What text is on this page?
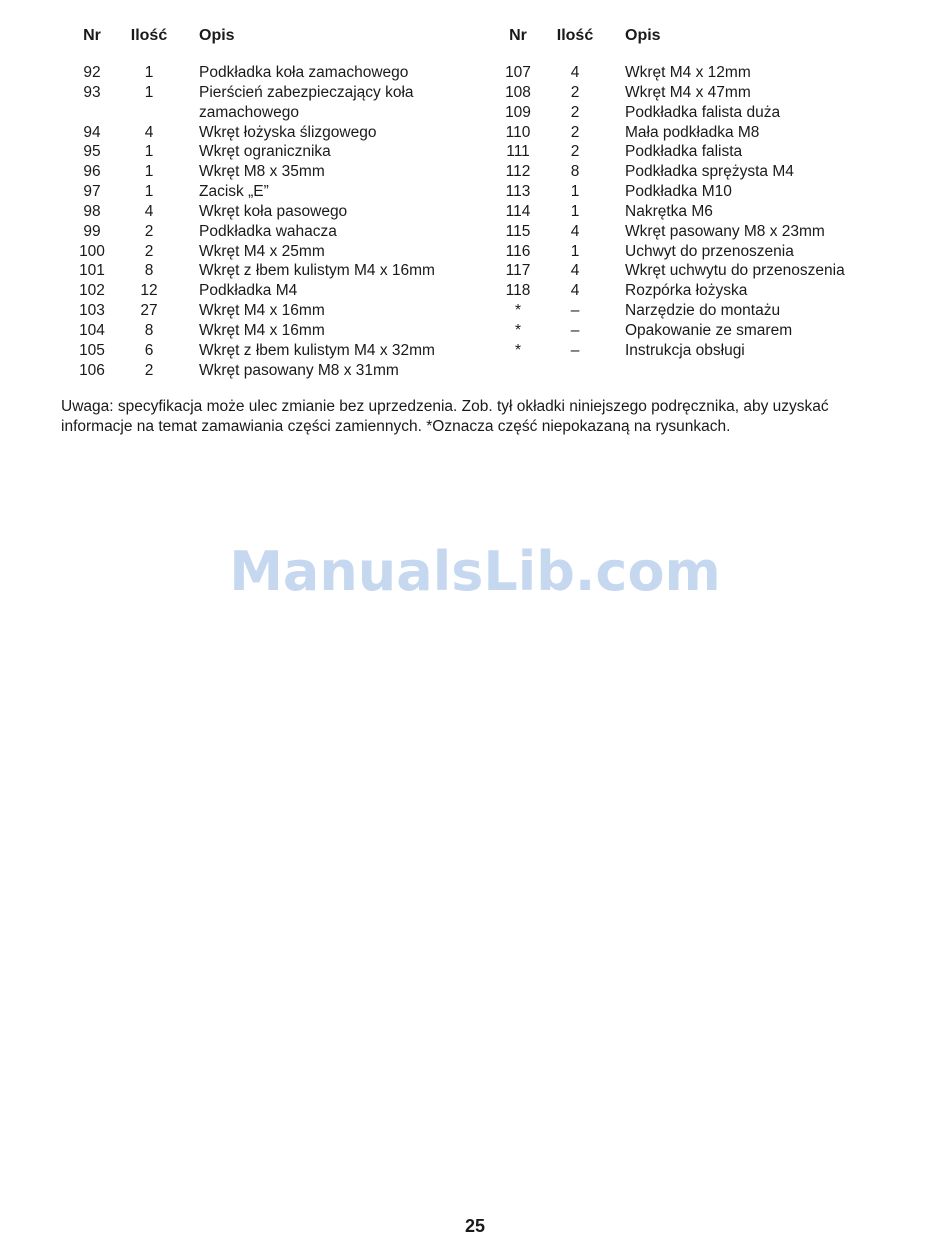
Nr	Ilość	Opis
92	1	Podkładka koła zamachowego
93	1	Pierścień zabezpieczający koła
		zamachowego
94	4	Wkręt łożyska ślizgowego
95	1	Wkręt ogranicznika
96	1	Wkręt M8 x 35mm
97	1	Zacisk „E”
98	4	Wkręt koła pasowego
99	2	Podkładka wahacza
100	2	Wkręt M4 x 25mm
101	8	Wkręt z łbem kulistym M4 x 16mm
102	12	Podkładka M4
103	27	Wkręt M4 x 16mm
104	8	Wkręt M4 x 16mm
105	6	Wkręt z łbem kulistym M4 x 32mm
106	2	Wkręt pasowany M8 x 31mm
Nr	Ilość	Opis
107	4	Wkręt M4 x 12mm
108	2	Wkręt M4 x 47mm
109	2	Podkładka falista duża
110	2	Mała podkładka M8
111	2	Podkładka falista
112	8	Podkładka sprężysta M4
113	1	Podkładka M10
114	1	Nakrętka M6
115	4	Wkręt pasowany M8 x 23mm
116	1	Uchwyt do przenoszenia
117	4	Wkręt uchwytu do przenoszenia
118	4	Rozpórka łożyska
*	–	Narzędzie do montażu
*	–	Opakowanie ze smarem
*	–	Instrukcja obsługi

Uwaga: specyfikacja może ulec zmianie bez uprzedzenia. Zob. tył okładki niniejszego podręcznika, aby uzyskać informacje na temat zamawiania części zamiennych. *Oznacza część niepokazaną na rysunkach.

ManualsLib.com
25
